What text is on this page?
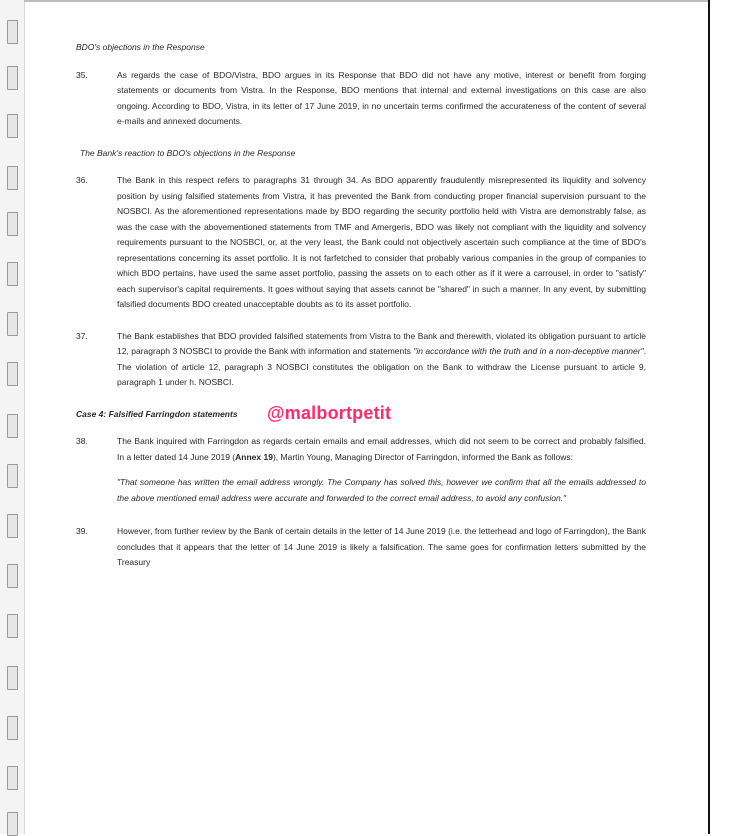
BDO's objections in the Response
35.	As regards the case of BDO/Vistra, BDO argues in its Response that BDO did not have any motive, interest or benefit from forging statements or documents from Vistra. In the Response, BDO mentions that internal and external investigations on this case are also ongoing. According to BDO, Vistra, in its letter of 17 June 2019, in no uncertain terms confirmed the accurateness of the content of several e-mails and annexed documents.
The Bank's reaction to BDO's objections in the Response
36.	The Bank in this respect refers to paragraphs 31 through 34. As BDO apparently fraudulently misrepresented its liquidity and solvency position by using falsified statements from Vistra, it has prevented the Bank from conducting proper financial supervision pursuant to the NOSBCI. As the aforementioned representations made by BDO regarding the security portfolio held with Vistra are demonstrably false, as was the case with the abovementioned statements from TMF and Amergeris, BDO was likely not compliant with the liquidity and solvency requirements pursuant to the NOSBCI, or, at the very least, the Bank could not objectively ascertain such compliance at the time of BDO's representations concerning its asset portfolio. It is not farfetched to consider that probably various companies in the group of companies to which BDO pertains, have used the same asset portfolio, passing the assets on to each other as if it were a carrousel, in order to "satisfy" each supervisor's capital requirements. It goes without saying that assets cannot be "shared" in such a manner. In any event, by submitting falsified documents BDO created unacceptable doubts as to its asset portfolio.
37.	The Bank establishes that BDO provided falsified statements from Vistra to the Bank and therewith, violated its obligation pursuant to article 12, paragraph 3 NOSBCI to provide the Bank with information and statements "in accordance with the truth and in a non-deceptive manner". The violation of article 12, paragraph 3 NOSBCI constitutes the obligation on the Bank to withdraw the License pursuant to article 9, paragraph 1 under h. NOSBCI.
Case 4: Falsified Farringdon statements
38.	The Bank inquired with Farringdon as regards certain emails and email addresses, which did not seem to be correct and probably falsified. In a letter dated 14 June 2019 (Annex 19), Martin Young, Managing Director of Farringdon, informed the Bank as follows:
"That someone has written the email address wrongly. The Company has solved this, however we confirm that all the emails addressed to the above mentioned email address were accurate and forwarded to the correct email address, to avoid any confusion."
39.	However, from further review by the Bank of certain details in the letter of 14 June 2019 (i.e. the letterhead and logo of Farringdon), the Bank concludes that it appears that the letter of 14 June 2019 is likely a falsification. The same goes for confirmation letters submitted by the Treasury
@malbortpetit
